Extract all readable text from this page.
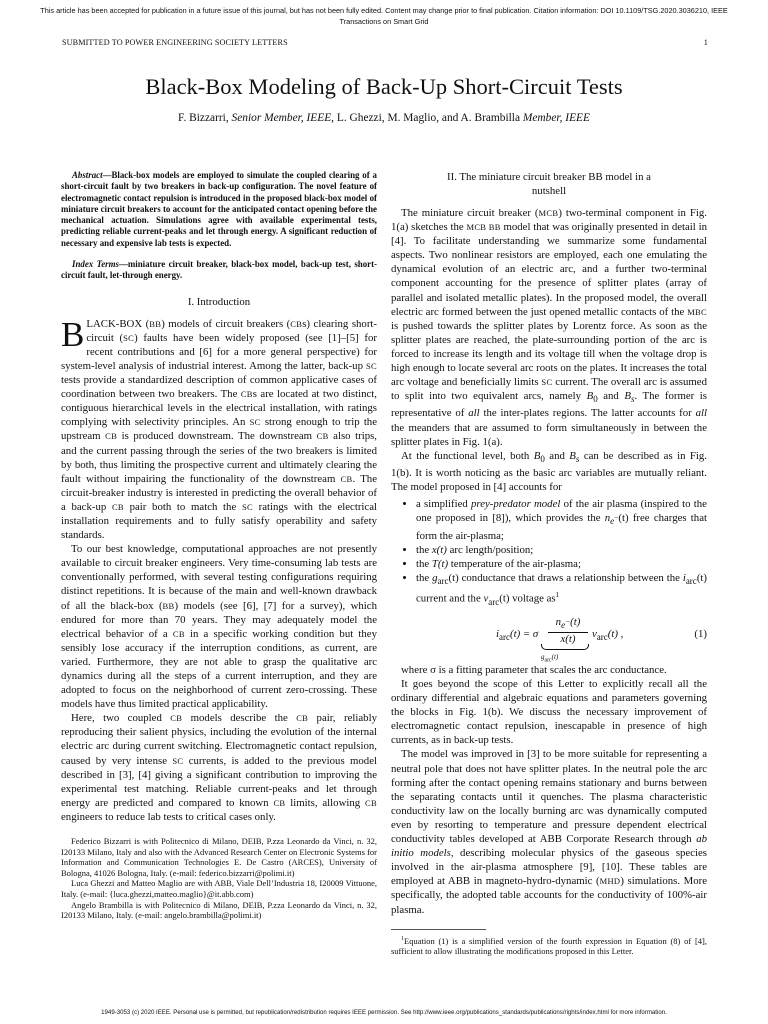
This article has been accepted for publication in a future issue of this journal, but has not been fully edited. Content may change prior to final publication. Citation information: DOI 10.1109/TSG.2020.3036210, IEEE
Transactions on Smart Grid
SUBMITTED TO POWER ENGINEERING SOCIETY LETTERS	1
Black-Box Modeling of Back-Up Short-Circuit Tests
F. Bizzarri, Senior Member, IEEE, L. Ghezzi, M. Maglio, and A. Brambilla Member, IEEE

Abstract—Black-box models are employed to simulate the coupled clearing of a short-circuit fault by two breakers in back-up configuration. The novel feature of electromagnetic contact repulsion is introduced in the proposed black-box model of miniature circuit breakers to account for the anticipated contact opening before the mechanical actuation. Simulations agree with available experimental tests, predicting reliable current-peaks and let through energy. A significant reduction of necessary and expensive lab tests is expected.

Index Terms—miniature circuit breaker, black-box model, back-up test, short-circuit fault, let-through energy.

I. Introduction

BLACK-BOX (BB) models of circuit breakers (CBs) clearing short-circuit (SC) faults have been widely proposed (see [1]–[5] for recent contributions and [6] for a more general perspective) for system-level analysis of industrial interest. Among the latter, back-up SC tests provide a standardized description of common applicative cases of coordination between two breakers. The CBs are located at two distinct, contiguous hierarchical levels in the electrical installation, with ratings complying with selectivity principles. An SC strong enough to trip the upstream CB is produced downstream. The downstream CB also trips, and the current passing through the series of the two breakers is limited by both, thus limiting the prospective current and ultimately clearing the fault without impairing the functionality of the downstream CB. The circuit-breaker industry is interested in predicting the overall behavior of a back-up CB pair both to match the SC ratings with the electrical installation requirements and to fully satisfy operability and safety standards.

To our best knowledge, computational approaches are not presently available to circuit breaker engineers. Very time-consuming lab tests are conventionally performed, with several testing configurations requiring distinct repetitions. It is because of the main and well-known drawback of all the black-box (BB) models (see [6], [7] for a survey), which endured for more than 70 years. They may adequately model the electrical behavior of a CB in a specific working condition but they sensibly lose accuracy if the interruption conditions, as current, are varied. Furthermore, they are not able to grasp the qualitative arc dynamics during all the steps of a current interruption, and they are adopted to focus on the neighborhood of current zero-crossing. These models have thus limited practical applicability.

Here, two coupled CB models describe the CB pair, reliably reproducing their salient physics, including the evolution of the internal electric arc during current switching. Electromagnetic contact repulsion, caused by very intense SC currents, is added to the previous model described in [3], [4] giving a significant contribution to improving the experimental test matching. Reliable current-peaks and let through energy are predicted and compared to known CB limits, allowing CB engineers to reduce lab tests to critical cases only.

Federico Bizzarri is with Politecnico di Milano, DEIB, P.zza Leonardo da Vinci, n. 32, I20133 Milano, Italy and also with the Advanced Research Center on Electronic Systems for Information and Communication Technologies E. De Castro (ARCES), University of Bologna, 41026 Bologna, Italy. (e-mail: federico.bizzarri@polimi.it)

Luca Ghezzi and Matteo Maglio are with ABB, Viale Dell’Industria 18, I20009 Vittuone, Italy. (e-mail: {luca.ghezzi,matteo.maglio}@it.abb.com)

Angelo Brambilla is with Politecnico di Milano, DEIB, P.zza Leonardo da Vinci, n. 32, I20133 Milano, Italy. (e-mail: angelo.brambilla@polimi.it)

II. The miniature circuit breaker BB model in a
nutshell

The miniature circuit breaker (MCB) two-terminal component in Fig. 1(a) sketches the MCB BB model that was originally presented in detail in [4]. To facilitate understanding we summarize some fundamental aspects. Two nonlinear resistors are employed, each one emulating the dynamical evolution of an electric arc, and a further two-terminal component accounting for the presence of splitter plates (array of parallel and isolated metallic plates). In the proposed model, the overall electric arc formed between the just opened metallic contacts of the MBC is pushed towards the splitter plates by Lorentz force. As soon as the splitter plates are reached, the plate-surrounding portion of the arc is forced to increase its length and its voltage till when the voltage drop is high enough to locate several arc roots on the plates. It increases the total arc voltage and beneficially limits SC current. The overall arc is assumed to split into two equivalent arcs, namely $B_0$ and $B_s$. The former is representative of all the inter-plates regions. The latter accounts for all the meanders that are assumed to form simultaneously in between the splitter plates in Fig. 1(a).

At the functional level, both $B_0$ and $B_s$ can be described as in Fig. 1(b). It is worth noticing as the basic arc variables are mutually reliant. The model proposed in [4] accounts for

• a simplified prey-predator model of the air plasma (inspired to the one proposed in [8]), which provides the $n_{e^-}(t)$ free charges that form the air-plasma;
• the x(t) arc length/position;
• the T(t) temperature of the air-plasma;
• the $g_{arc}(t)$ conductance that draws a relationship between the $i_{arc}(t)$ current and the $v_{arc}(t)$ voltage $as^1$
$i_{arc}(t) = \sigma \frac{n_{e^-}(t)}{x(t)} v_{arc}(t)$ ,
$g_{arc}(t)$
(1)

where σ is a fitting parameter that scales the arc conductance.

It goes beyond the scope of this Letter to explicitly recall all the ordinary differential and algebraic equations and parameters governing the blocks in Fig. 1(b). We discuss the necessary improvement of electromagnetic contact repulsion, inescapable in presence of high currents, as in back-up tests.

The model was improved in [3] to be more suitable for representing a neutral pole that does not have splitter plates. In the neutral pole the arc forming after the contact opening remains stationary and burns between the separating contacts until it quenches. The plasma characteristic conductivity law on the locally burning arc was dynamically computed even by resorting to temperature and pressure dependent electrical conductivity tables developed at ABB Corporate Research through ab initio models, describing molecular physics of the gaseous species involved in the air-plasma atmosphere [9], [10]. These tables are employed at ABB in magneto-hydro-dynamic (MHD) simulations. More specifically, the adopted table accounts for the conductivity of 100%-air plasma.

$^1$Equation (1) is a simplified version of the fourth expression in Equation (8) of [4], sufficient to allow illustrating the modifications proposed in this Letter.

1949-3053 (c) 2020 IEEE. Personal use is permitted, but republication/redistribution requires IEEE permission. See http://www.ieee.org/publications_standards/publications/rights/index.html for more information.
